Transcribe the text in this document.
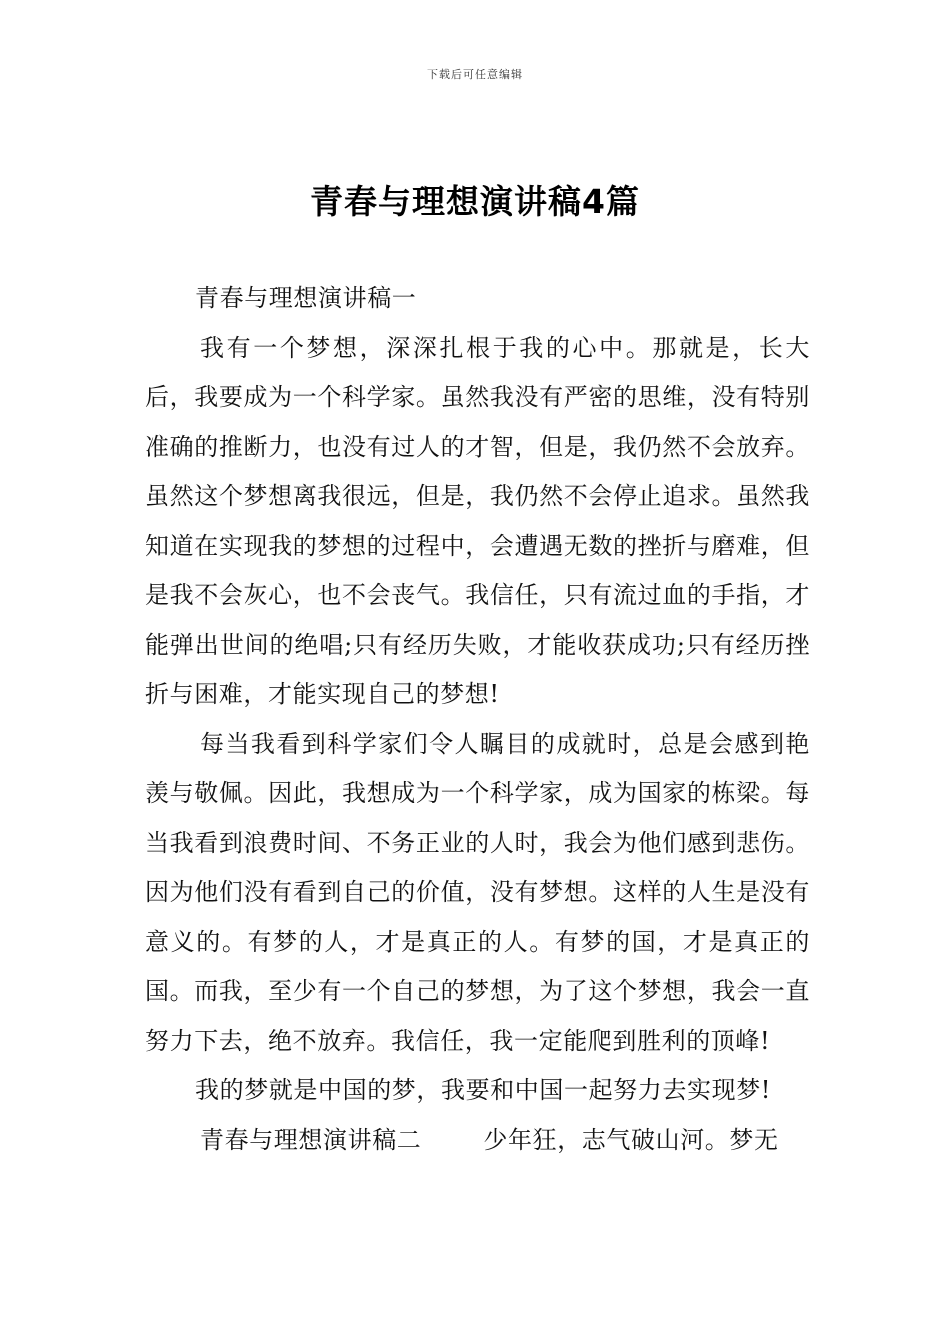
下载后可任意编辑
青春与理想演讲稿4篇

青春与理想演讲稿一

我有一个梦想，深深扎根于我的心中。那就是，长大后，我要成为一个科学家。虽然我没有严密的思维，没有特别准确的推断力，也没有过人的才智，但是，我仍然不会放弃。虽然这个梦想离我很远，但是，我仍然不会停止追求。虽然我知道在实现我的梦想的过程中，会遭遇无数的挫折与磨难，但是我不会灰心，也不会丧气。我信任，只有流过血的手指，才能弹出世间的绝唱;只有经历失败，才能收获成功;只有经历挫折与困难，才能实现自己的梦想!

每当我看到科学家们令人瞩目的成就时，总是会感到艳羡与敬佩。因此，我想成为一个科学家，成为国家的栋梁。每当我看到浪费时间、不务正业的人时，我会为他们感到悲伤。因为他们没有看到自己的价值，没有梦想。这样的人生是没有意义的。有梦的人，才是真正的人。有梦的国，才是真正的国。而我，至少有一个自己的梦想，为了这个梦想，我会一直努力下去，绝不放弃。我信任，我一定能爬到胜利的顶峰!

我的梦就是中国的梦，我要和中国一起努力去实现梦!

青春与理想演讲稿二	少年狂，志气破山河。梦无
